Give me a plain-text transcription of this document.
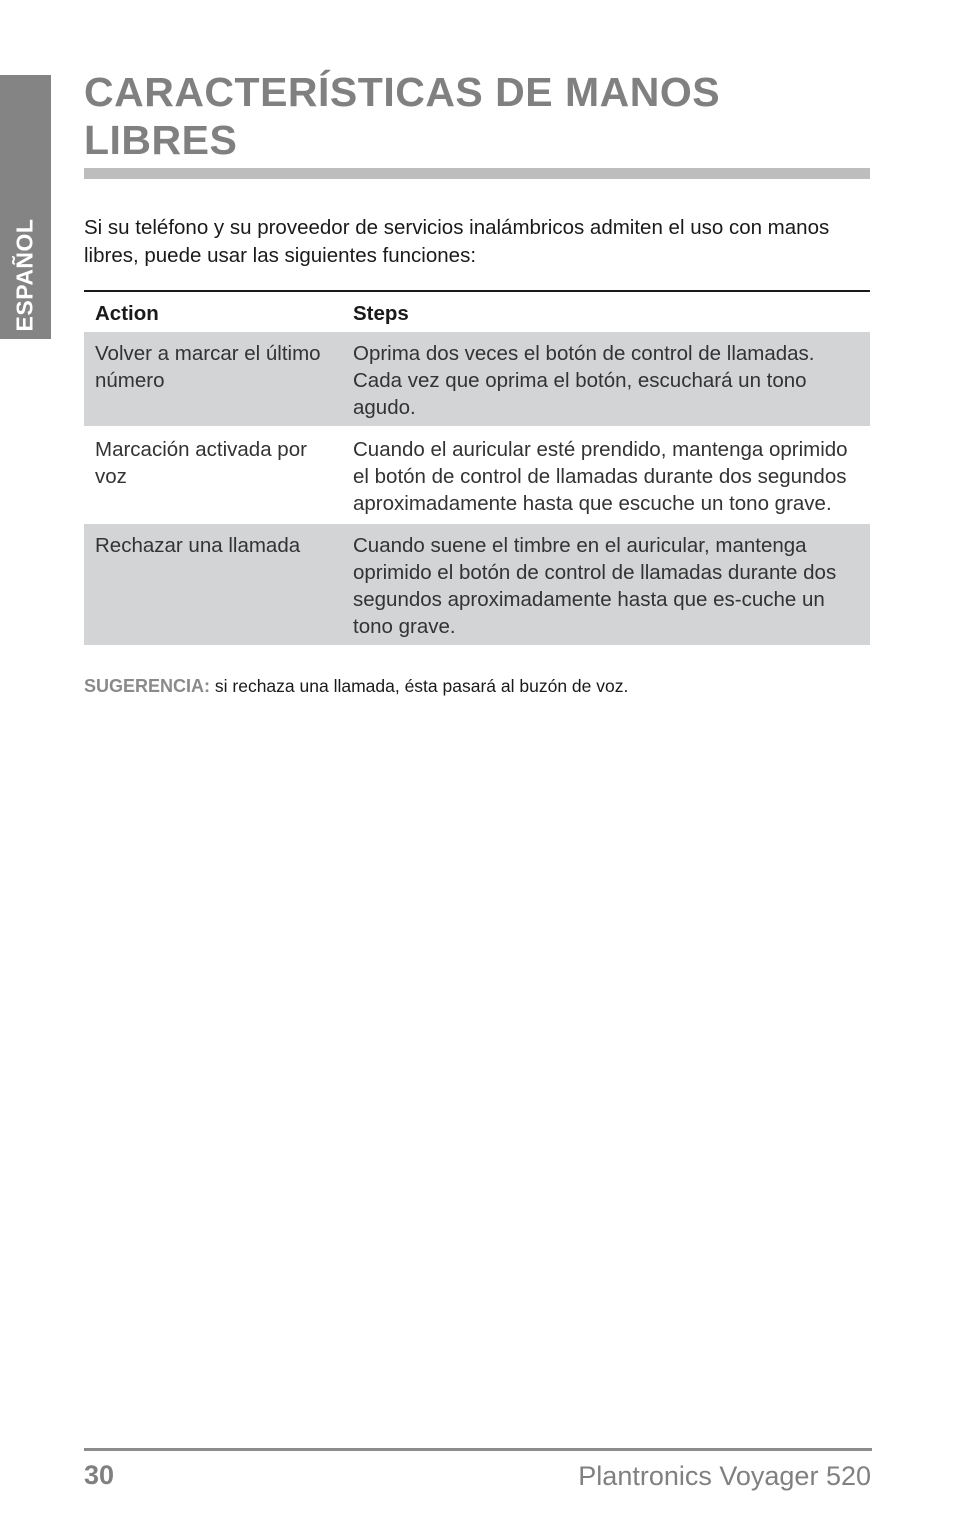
ESPAÑOL
CARACTERÍSTICAS DE MANOS LIBRES

Si su teléfono y su proveedor de servicios inalámbricos admiten el uso con manos libres, puede usar las siguientes funciones:

Action	Steps
Volver a marcar el último número	Oprima dos veces el botón de control de llamadas. Cada vez que oprima el botón, escuchará un tono agudo.
Marcación activada por voz	Cuando el auricular esté prendido, mantenga oprimido el botón de control de llamadas durante dos segundos aproximadamente hasta que escuche un tono grave.
Rechazar una llamada	Cuando suene el timbre en el auricular, mantenga oprimido el botón de control de llamadas durante dos segundos aproximadamente hasta que es-cuche un tono grave.

SUGERENCIA: si rechaza una llamada, ésta pasará al buzón de voz.

30	Plantronics Voyager 520
